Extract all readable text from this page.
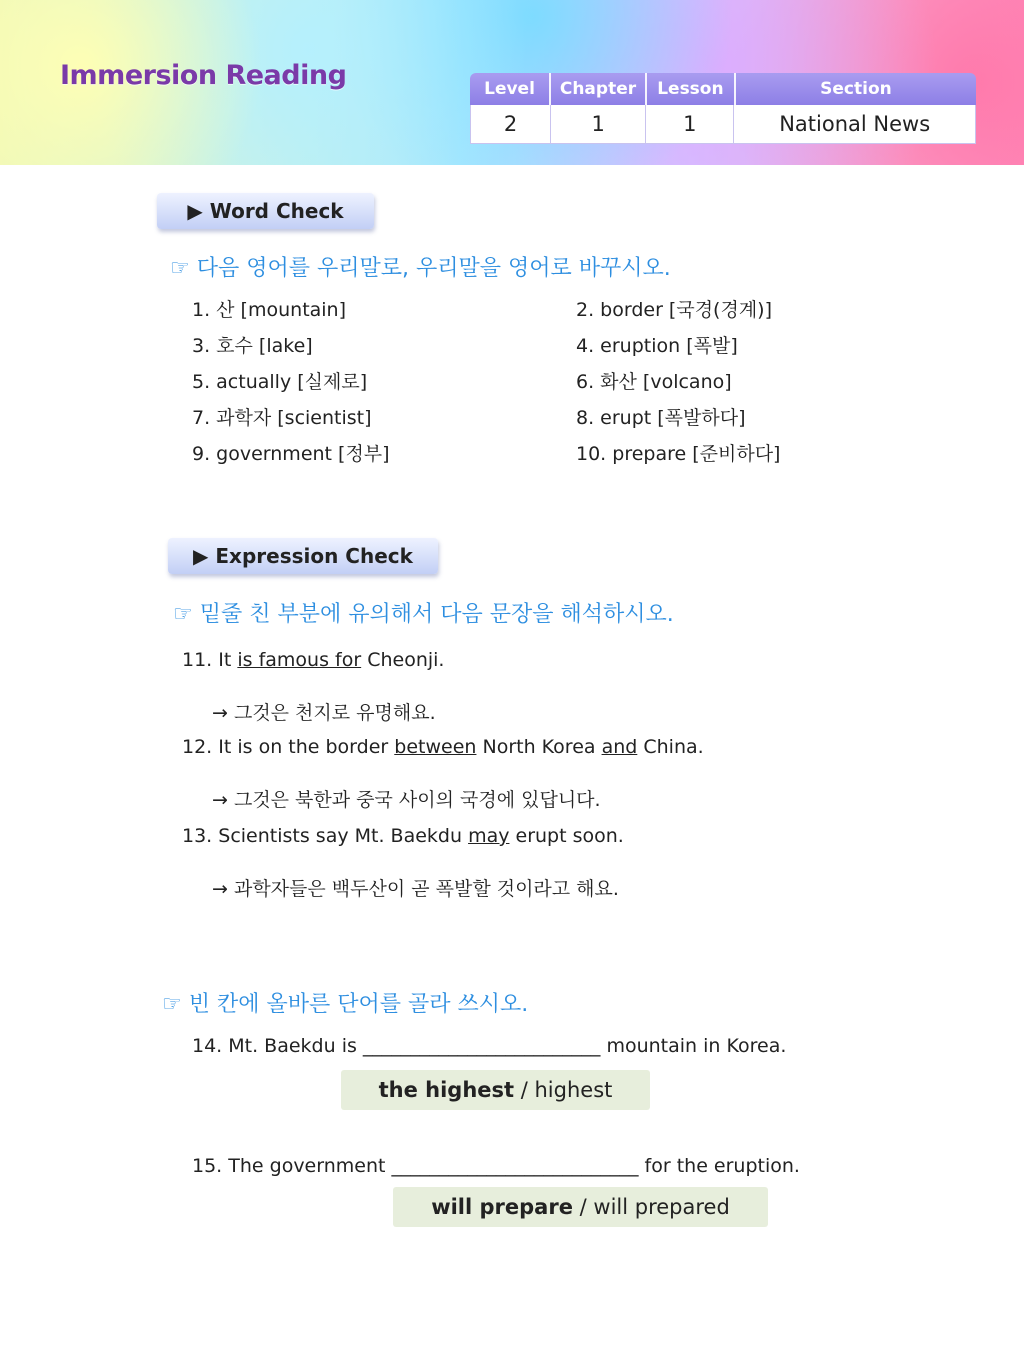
Immersion Reading	Level	Chapter	Lesson	Section
2	1	1	National News
▶ Word Check
☞ 다음 영어를 우리말로, 우리말을 영어로 바꾸시오.
1. 산 [mountain]
3. 호수 [lake]
5. actually [실제로]
7. 과학자 [scientist]
9. government [정부]
2. border [국경(경계)]
4. eruption [폭발]
6. 화산 [volcano]
8. erupt [폭발하다]
10. prepare [준비하다]
▶ Expression Check
☞ 밑줄 친 부분에 유의해서 다음 문장을 해석하시오.
11. It is famous for Cheonji.
→ 그것은 천지로 유명해요.
12. It is on the border between North Korea and China.
→ 그것은 북한과 중국 사이의 국경에 있답니다.
13. Scientists say Mt. Baekdu may erupt soon.
→ 과학자들은 백두산이 곧 폭발할 것이라고 해요.
☞ 빈 칸에 올바른 단어를 골라 쓰시오.
14. Mt. Baekdu is _________________________ mountain in Korea.
the highest / highest
15. The government __________________________ for the eruption.
will prepare / will prepared
